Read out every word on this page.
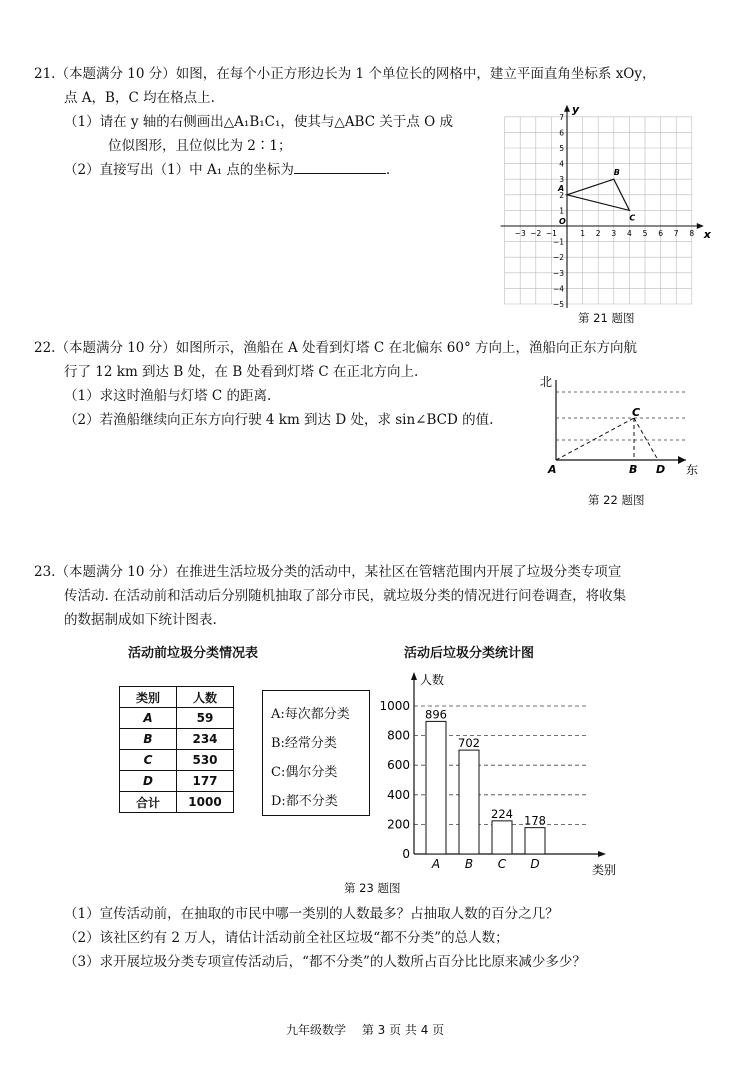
21.（本题满分 10 分）如图，在每个小正方形边长为 1 个单位长的网格中，建立平面直角坐标系 xOy，
点 A，B，C 均在格点上.
（1）请在 y 轴的右侧画出△A₁B₁C₁，使其与△ABC 关于点 O 成
位似图形，且位似比为 2∶1；
（2）直接写出（1）中 A₁ 点的坐标为	.
x
y
O
−3 −2 −1	1 2 3 4 5 6 7 8
7
6
5
4
3
2
1
−1
−2
−3
−4
−5
A
B
C
第 21 题图
22.（本题满分 10 分）如图所示，渔船在 A 处看到灯塔 C 在北偏东 60° 方向上，渔船向正东方向航
行了 12 km 到达 B 处，在 B 处看到灯塔 C 在正北方向上.
（1）求这时渔船与灯塔 C 的距离.
（2）若渔船继续向正东方向行驶 4 km 到达 D 处，求 sin∠BCD 的值.
北
东
A	B
C
D
第 22 题图
23.（本题满分 10 分）在推进生活垃圾分类的活动中，某社区在管辖范围内开展了垃圾分类专项宣
传活动. 在活动前和活动后分别随机抽取了部分市民，就垃圾分类的情况进行问卷调查，将收集
的数据制成如下统计图表.
活动前垃圾分类情况表	活动后垃圾分类统计图
类别	人数
A	59
B	234
C	530
D	177
合计	1000
A:每次都分类
B:经常分类
C:偶尔分类
D:都不分类
0
200
400
600
800
1000
人数
类别
896
A
702
B
224
C
178
D
第 23 题图
（1）宣传活动前，在抽取的市民中哪一类别的人数最多？占抽取人数的百分之几？
（2）该社区约有 2 万人，请估计活动前全社区垃圾“都不分类”的总人数；
（3）求开展垃圾分类专项宣传活动后，“都不分类”的人数所占百分比比原来减少多少？
九年级数学　 第 3 页 共 4 页
